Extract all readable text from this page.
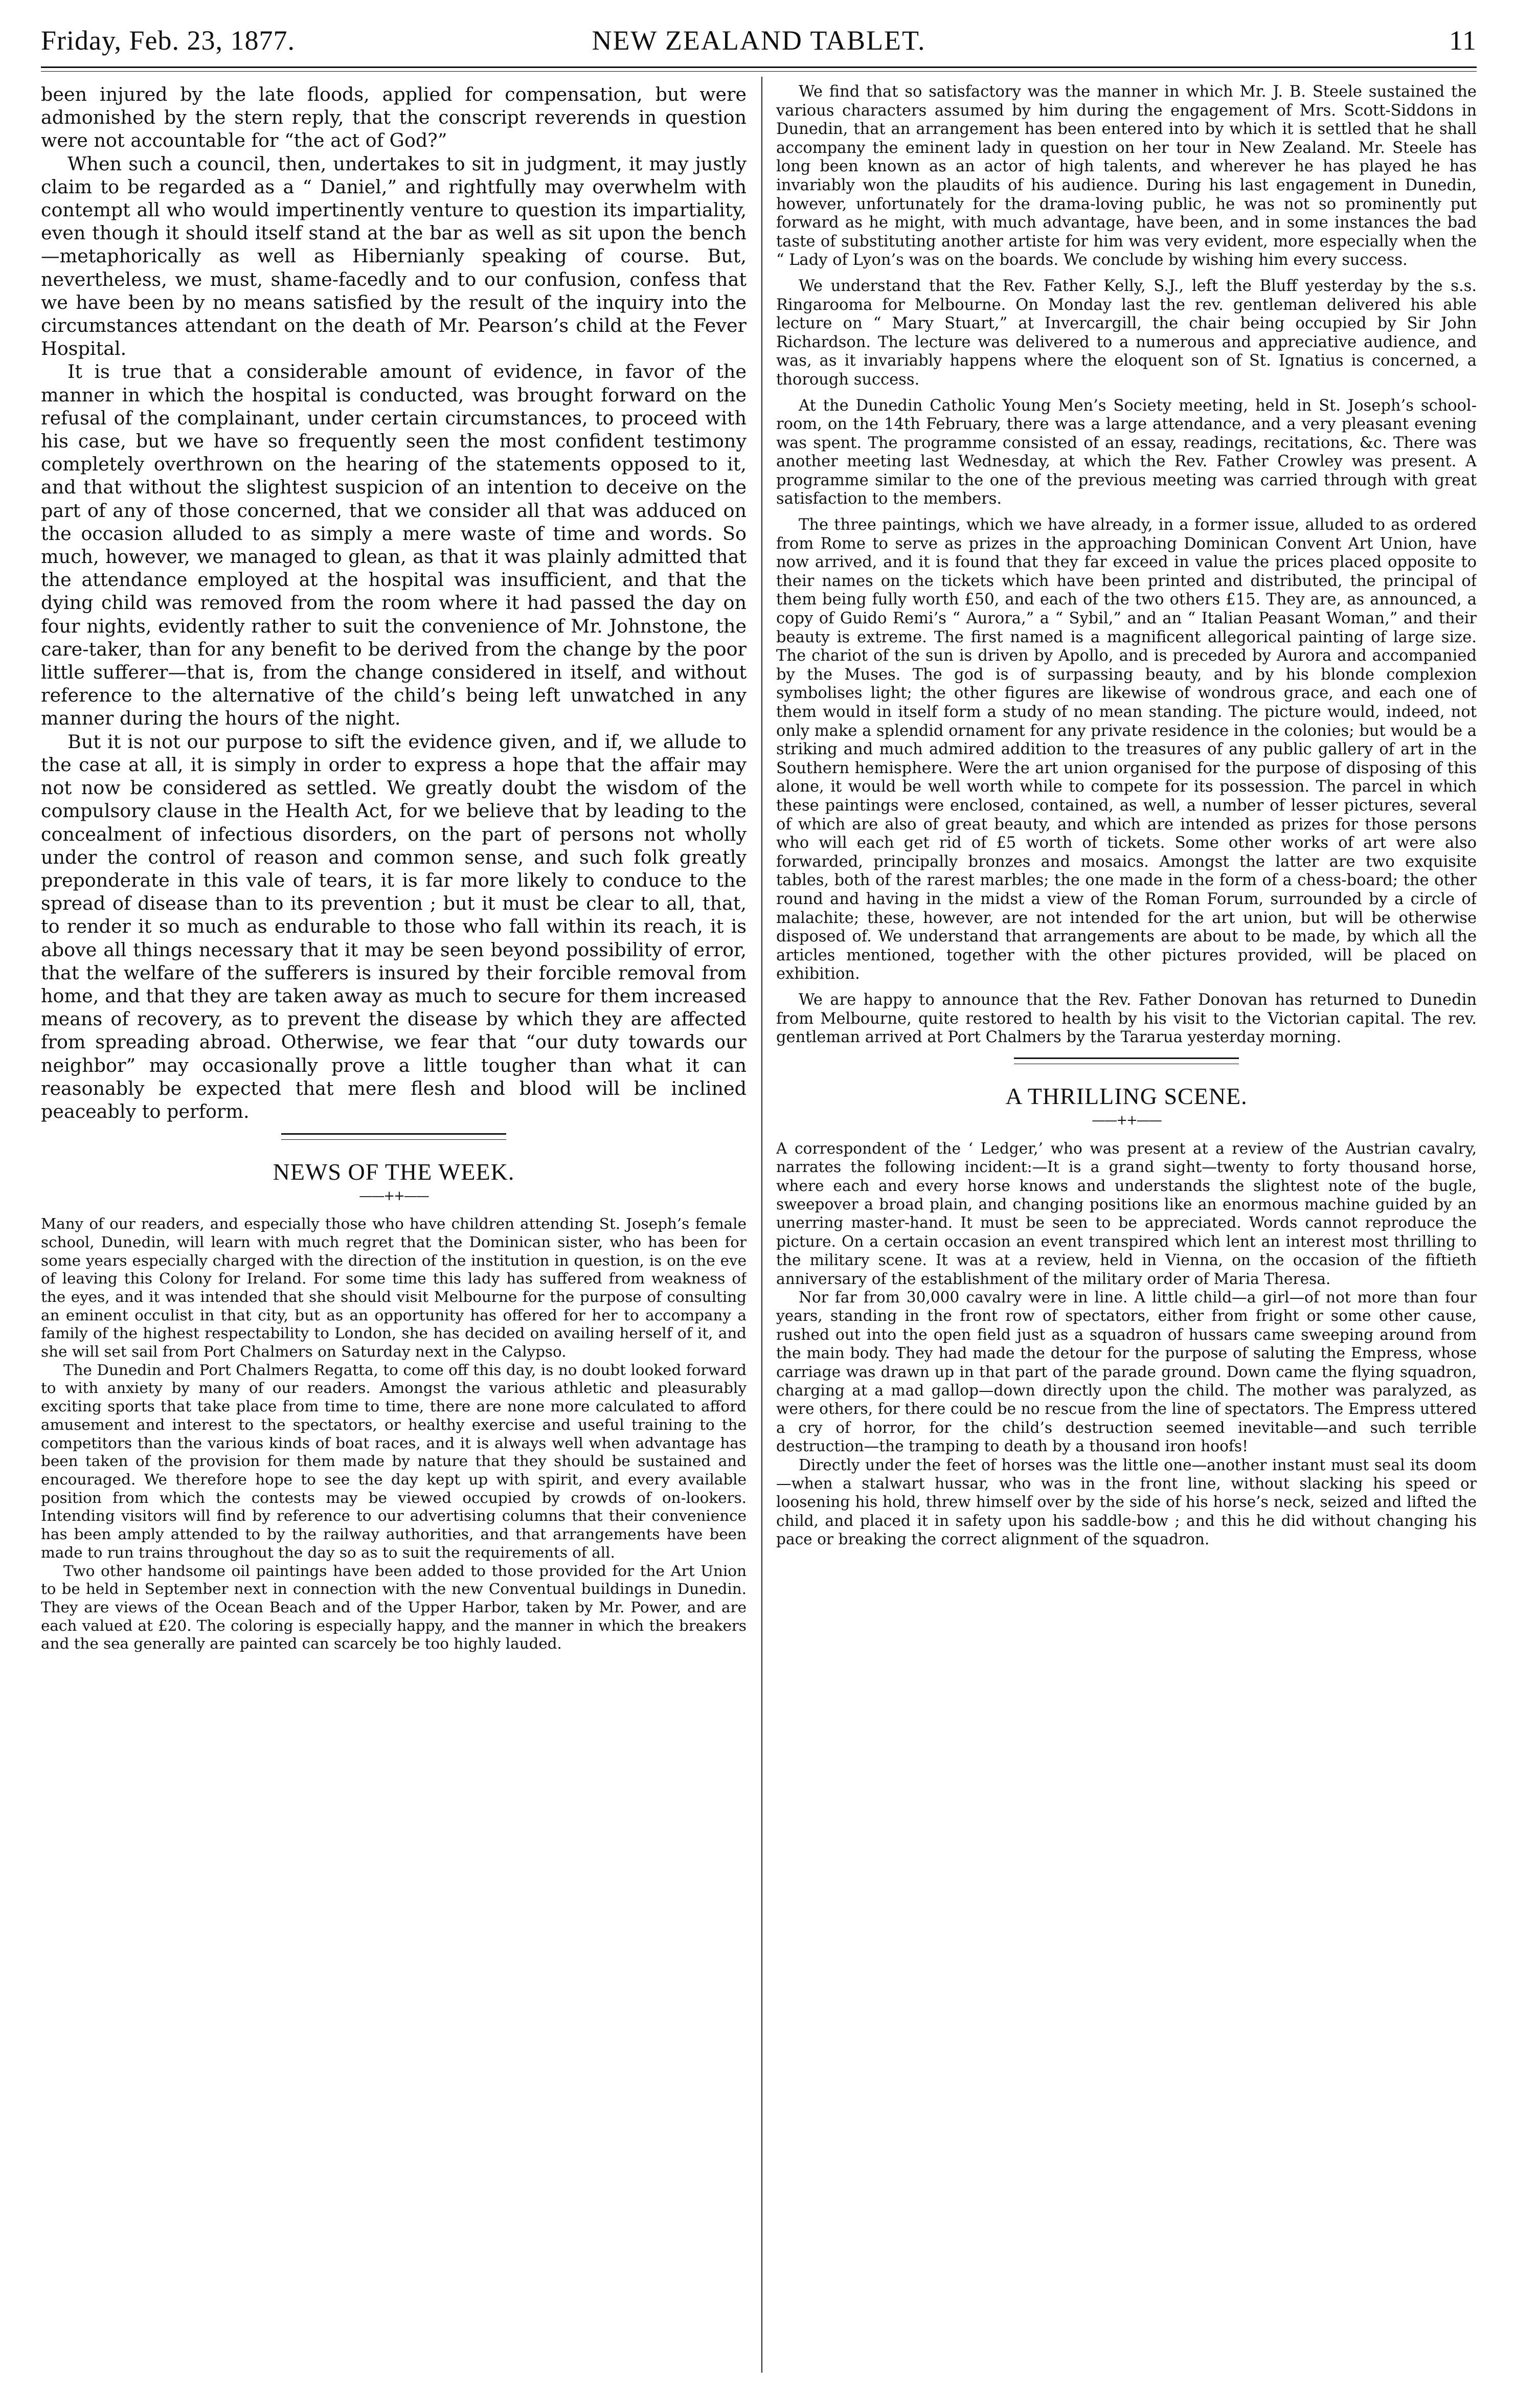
Friday, Feb. 23, 1877.	NEW ZEALAND TABLET.	11

been injured by the late floods, applied for compensation, but were admonished by the stern reply, that the conscript reverends in question were not accountable for “the act of God?”

When such a council, then, undertakes to sit in judgment, it may justly claim to be regarded as a “ Daniel,” and rightfully may overwhelm with contempt all who would impertinently venture to question its impartiality, even though it should itself stand at the bar as well as sit upon the bench—metaphorically as well as Hibernianly speaking of course. But, nevertheless, we must, shame-facedly and to our confusion, confess that we have been by no means satisfied by the result of the inquiry into the circumstances attendant on the death of Mr. Pearson’s child at the Fever Hospital.

It is true that a considerable amount of evidence, in favor of the manner in which the hospital is conducted, was brought forward on the refusal of the complainant, under certain circumstances, to proceed with his case, but we have so frequently seen the most confident testimony completely overthrown on the hearing of the statements opposed to it, and that without the slightest suspicion of an intention to deceive on the part of any of those concerned, that we consider all that was adduced on the occasion alluded to as simply a mere waste of time and words. So much, however, we managed to glean, as that it was plainly admitted that the attendance employed at the hospital was insufficient, and that the dying child was removed from the room where it had passed the day on four nights, evidently rather to suit the convenience of Mr. Johnstone, the care-taker, than for any benefit to be derived from the change by the poor little sufferer—that is, from the change considered in itself, and without reference to the alternative of the child’s being left unwatched in any manner during the hours of the night.

But it is not our purpose to sift the evidence given, and if, we allude to the case at all, it is simply in order to express a hope that the affair may not now be considered as settled. We greatly doubt the wisdom of the compulsory clause in the Health Act, for we believe that by leading to the concealment of infectious disorders, on the part of persons not wholly under the control of reason and common sense, and such folk greatly preponderate in this vale of tears, it is far more likely to conduce to the spread of disease than to its prevention ; but it must be clear to all, that, to render it so much as endurable to those who fall within its reach, it is above all things necessary that it may be seen beyond possibility of error, that the welfare of the sufferers is insured by their forcible removal from home, and that they are taken away as much to secure for them increased means of recovery, as to prevent the disease by which they are affected from spreading abroad. Otherwise, we fear that “our duty towards our neighbor” may occasionally prove a little tougher than what it can reasonably be expected that mere flesh and blood will be inclined peaceably to perform.

NEWS OF THE WEEK.
——++——

Many of our readers, and especially those who have children attending St. Joseph’s female school, Dunedin, will learn with much regret that the Dominican sister, who has been for some years especially charged with the direction of the institution in question, is on the eve of leaving this Colony for Ireland. For some time this lady has suffered from weakness of the eyes, and it was intended that she should visit Melbourne for the purpose of consulting an eminent occulist in that city, but as an opportunity has offered for her to accompany a family of the highest respectability to London, she has decided on availing herself of it, and she will set sail from Port Chalmers on Saturday next in the Calypso.

The Dunedin and Port Chalmers Regatta, to come off this day, is no doubt looked forward to with anxiety by many of our readers. Amongst the various athletic and pleasurably exciting sports that take place from time to time, there are none more calculated to afford amusement and interest to the spectators, or healthy exercise and useful training to the competitors than the various kinds of boat races, and it is always well when advantage has been taken of the provision for them made by nature that they should be sustained and encouraged. We therefore hope to see the day kept up with spirit, and every available position from which the contests may be viewed occupied by crowds of on-lookers. Intending visitors will find by reference to our advertising columns that their convenience has been amply attended to by the railway authorities, and that arrangements have been made to run trains throughout the day so as to suit the requirements of all.

Two other handsome oil paintings have been added to those provided for the Art Union to be held in September next in connection with the new Conventual buildings in Dunedin. They are views of the Ocean Beach and of the Upper Harbor, taken by Mr. Power, and are each valued at £20. The coloring is especially happy, and the manner in which the breakers and the sea generally are painted can scarcely be too highly lauded.

We find that so satisfactory was the manner in which Mr. J. B. Steele sustained the various characters assumed by him during the engagement of Mrs. Scott-Siddons in Dunedin, that an arrangement has been entered into by which it is settled that he shall accompany the eminent lady in question on her tour in New Zealand. Mr. Steele has long been known as an actor of high talents, and wherever he has played he has invariably won the plaudits of his audience. During his last engagement in Dunedin, however, unfortunately for the drama-loving public, he was not so prominently put forward as he might, with much advantage, have been, and in some instances the bad taste of substituting another artiste for him was very evident, more especially when the “ Lady of Lyon’s was on the boards. We conclude by wishing him every success.

We understand that the Rev. Father Kelly, S.J., left the Bluff yesterday by the s.s. Ringarooma for Melbourne. On Monday last the rev. gentleman delivered his able lecture on “ Mary Stuart,” at Invercargill, the chair being occupied by Sir John Richardson. The lecture was delivered to a numerous and appreciative audience, and was, as it invariably happens where the eloquent son of St. Ignatius is concerned, a thorough success.

At the Dunedin Catholic Young Men’s Society meeting, held in St. Joseph’s school-room, on the 14th February, there was a large attendance, and a very pleasant evening was spent. The programme consisted of an essay, readings, recitations, &c. There was another meeting last Wednesday, at which the Rev. Father Crowley was present. A programme similar to the one of the previous meeting was carried through with great satisfaction to the members.

The three paintings, which we have already, in a former issue, alluded to as ordered from Rome to serve as prizes in the approaching Dominican Convent Art Union, have now arrived, and it is found that they far exceed in value the prices placed opposite to their names on the tickets which have been printed and distributed, the principal of them being fully worth £50, and each of the two others £15. They are, as announced, a copy of Guido Remi’s “ Aurora,” a “ Sybil,” and an “ Italian Peasant Woman,” and their beauty is extreme. The first named is a magnificent allegorical painting of large size. The chariot of the sun is driven by Apollo, and is preceded by Aurora and accompanied by the Muses. The god is of surpassing beauty, and by his blonde complexion symbolises light; the other figures are likewise of wondrous grace, and each one of them would in itself form a study of no mean standing. The picture would, indeed, not only make a splendid ornament for any private residence in the colonies; but would be a striking and much admired addition to the treasures of any public gallery of art in the Southern hemisphere. Were the art union organised for the purpose of disposing of this alone, it would be well worth while to compete for its possession. The parcel in which these paintings were enclosed, contained, as well, a number of lesser pictures, several of which are also of great beauty, and which are intended as prizes for those persons who will each get rid of £5 worth of tickets. Some other works of art were also forwarded, principally bronzes and mosaics. Amongst the latter are two exquisite tables, both of the rarest marbles; the one made in the form of a chess-board; the other round and having in the midst a view of the Roman Forum, surrounded by a circle of malachite; these, however, are not intended for the art union, but will be otherwise disposed of. We understand that arrangements are about to be made, by which all the articles mentioned, together with the other pictures provided, will be placed on exhibition.

We are happy to announce that the Rev. Father Donovan has returned to Dunedin from Melbourne, quite restored to health by his visit to the Victorian capital. The rev. gentleman arrived at Port Chalmers by the Tararua yesterday morning.

A THRILLING SCENE.
——++——

A correspondent of the ‘ Ledger,’ who was present at a review of the Austrian cavalry, narrates the following incident:—It is a grand sight—twenty to forty thousand horse, where each and every horse knows and understands the slightest note of the bugle, sweepover a broad plain, and changing positions like an enormous machine guided by an unerring master-hand. It must be seen to be appreciated. Words cannot reproduce the picture. On a certain occasion an event transpired which lent an interest most thrilling to the military scene. It was at a review, held in Vienna, on the occasion of the fiftieth anniversary of the establishment of the military order of Maria Theresa.

Nor far from 30,000 cavalry were in line. A little child—a girl—of not more than four years, standing in the front row of spectators, either from fright or some other cause, rushed out into the open field just as a squadron of hussars came sweeping around from the main body. They had made the detour for the purpose of saluting the Empress, whose carriage was drawn up in that part of the parade ground. Down came the flying squadron, charging at a mad gallop—down directly upon the child. The mother was paralyzed, as were others, for there could be no rescue from the line of spectators. The Empress uttered a cry of horror, for the child’s destruction seemed inevitable—and such terrible destruction—the tramping to death by a thousand iron hoofs!

Directly under the feet of horses was the little one—another instant must seal its doom—when a stalwart hussar, who was in the front line, without slacking his speed or loosening his hold, threw himself over by the side of his horse’s neck, seized and lifted the child, and placed it in safety upon his saddle-bow ; and this he did without changing his pace or breaking the correct alignment of the squadron.
